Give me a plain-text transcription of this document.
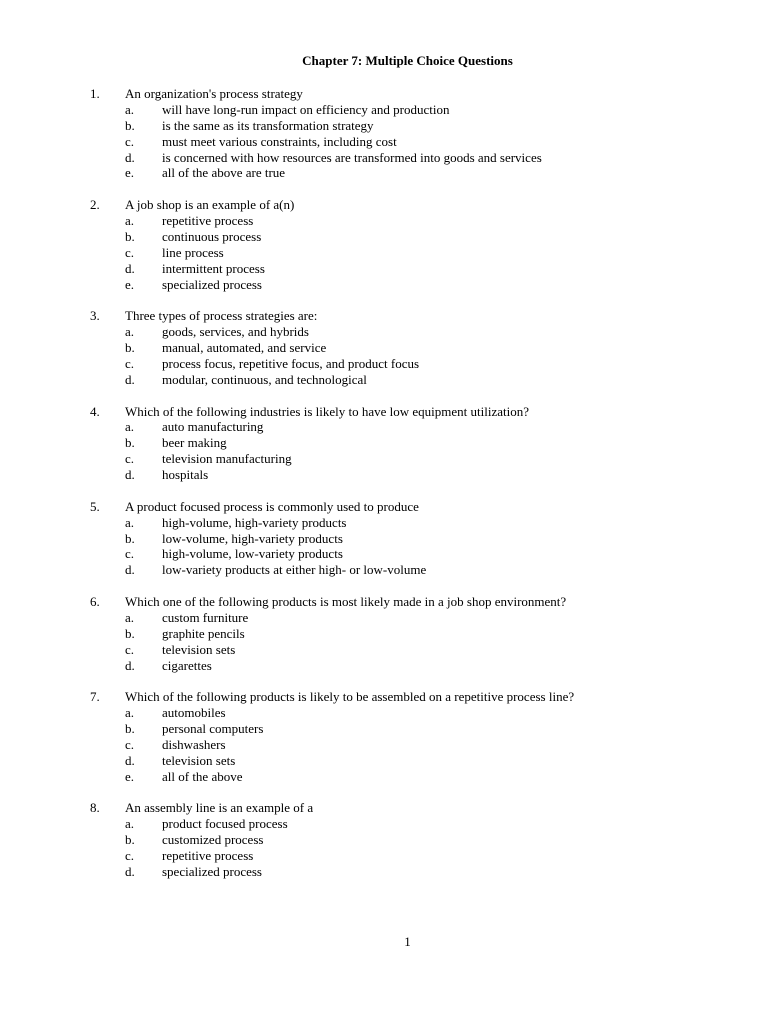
Chapter 7: Multiple Choice Questions
1. An organization's process strategy
a. will have long-run impact on efficiency and production
b. is the same as its transformation strategy
c. must meet various constraints, including cost
d. is concerned with how resources are transformed into goods and services
e. all of the above are true
2. A job shop is an example of a(n)
a. repetitive process
b. continuous process
c. line process
d. intermittent process
e. specialized process
3. Three types of process strategies are:
a. goods, services, and hybrids
b. manual, automated, and service
c. process focus, repetitive focus, and product focus
d. modular, continuous, and technological
4. Which of the following industries is likely to have low equipment utilization?
a. auto manufacturing
b. beer making
c. television manufacturing
d. hospitals
5. A product focused process is commonly used to produce
a. high-volume, high-variety products
b. low-volume, high-variety products
c. high-volume, low-variety products
d. low-variety products at either high- or low-volume
6. Which one of the following products is most likely made in a job shop environment?
a. custom furniture
b. graphite pencils
c. television sets
d. cigarettes
7. Which of the following products is likely to be assembled on a repetitive process line?
a. automobiles
b. personal computers
c. dishwashers
d. television sets
e. all of the above
8. An assembly line is an example of a
a. product focused process
b. customized process
c. repetitive process
d. specialized process
1
